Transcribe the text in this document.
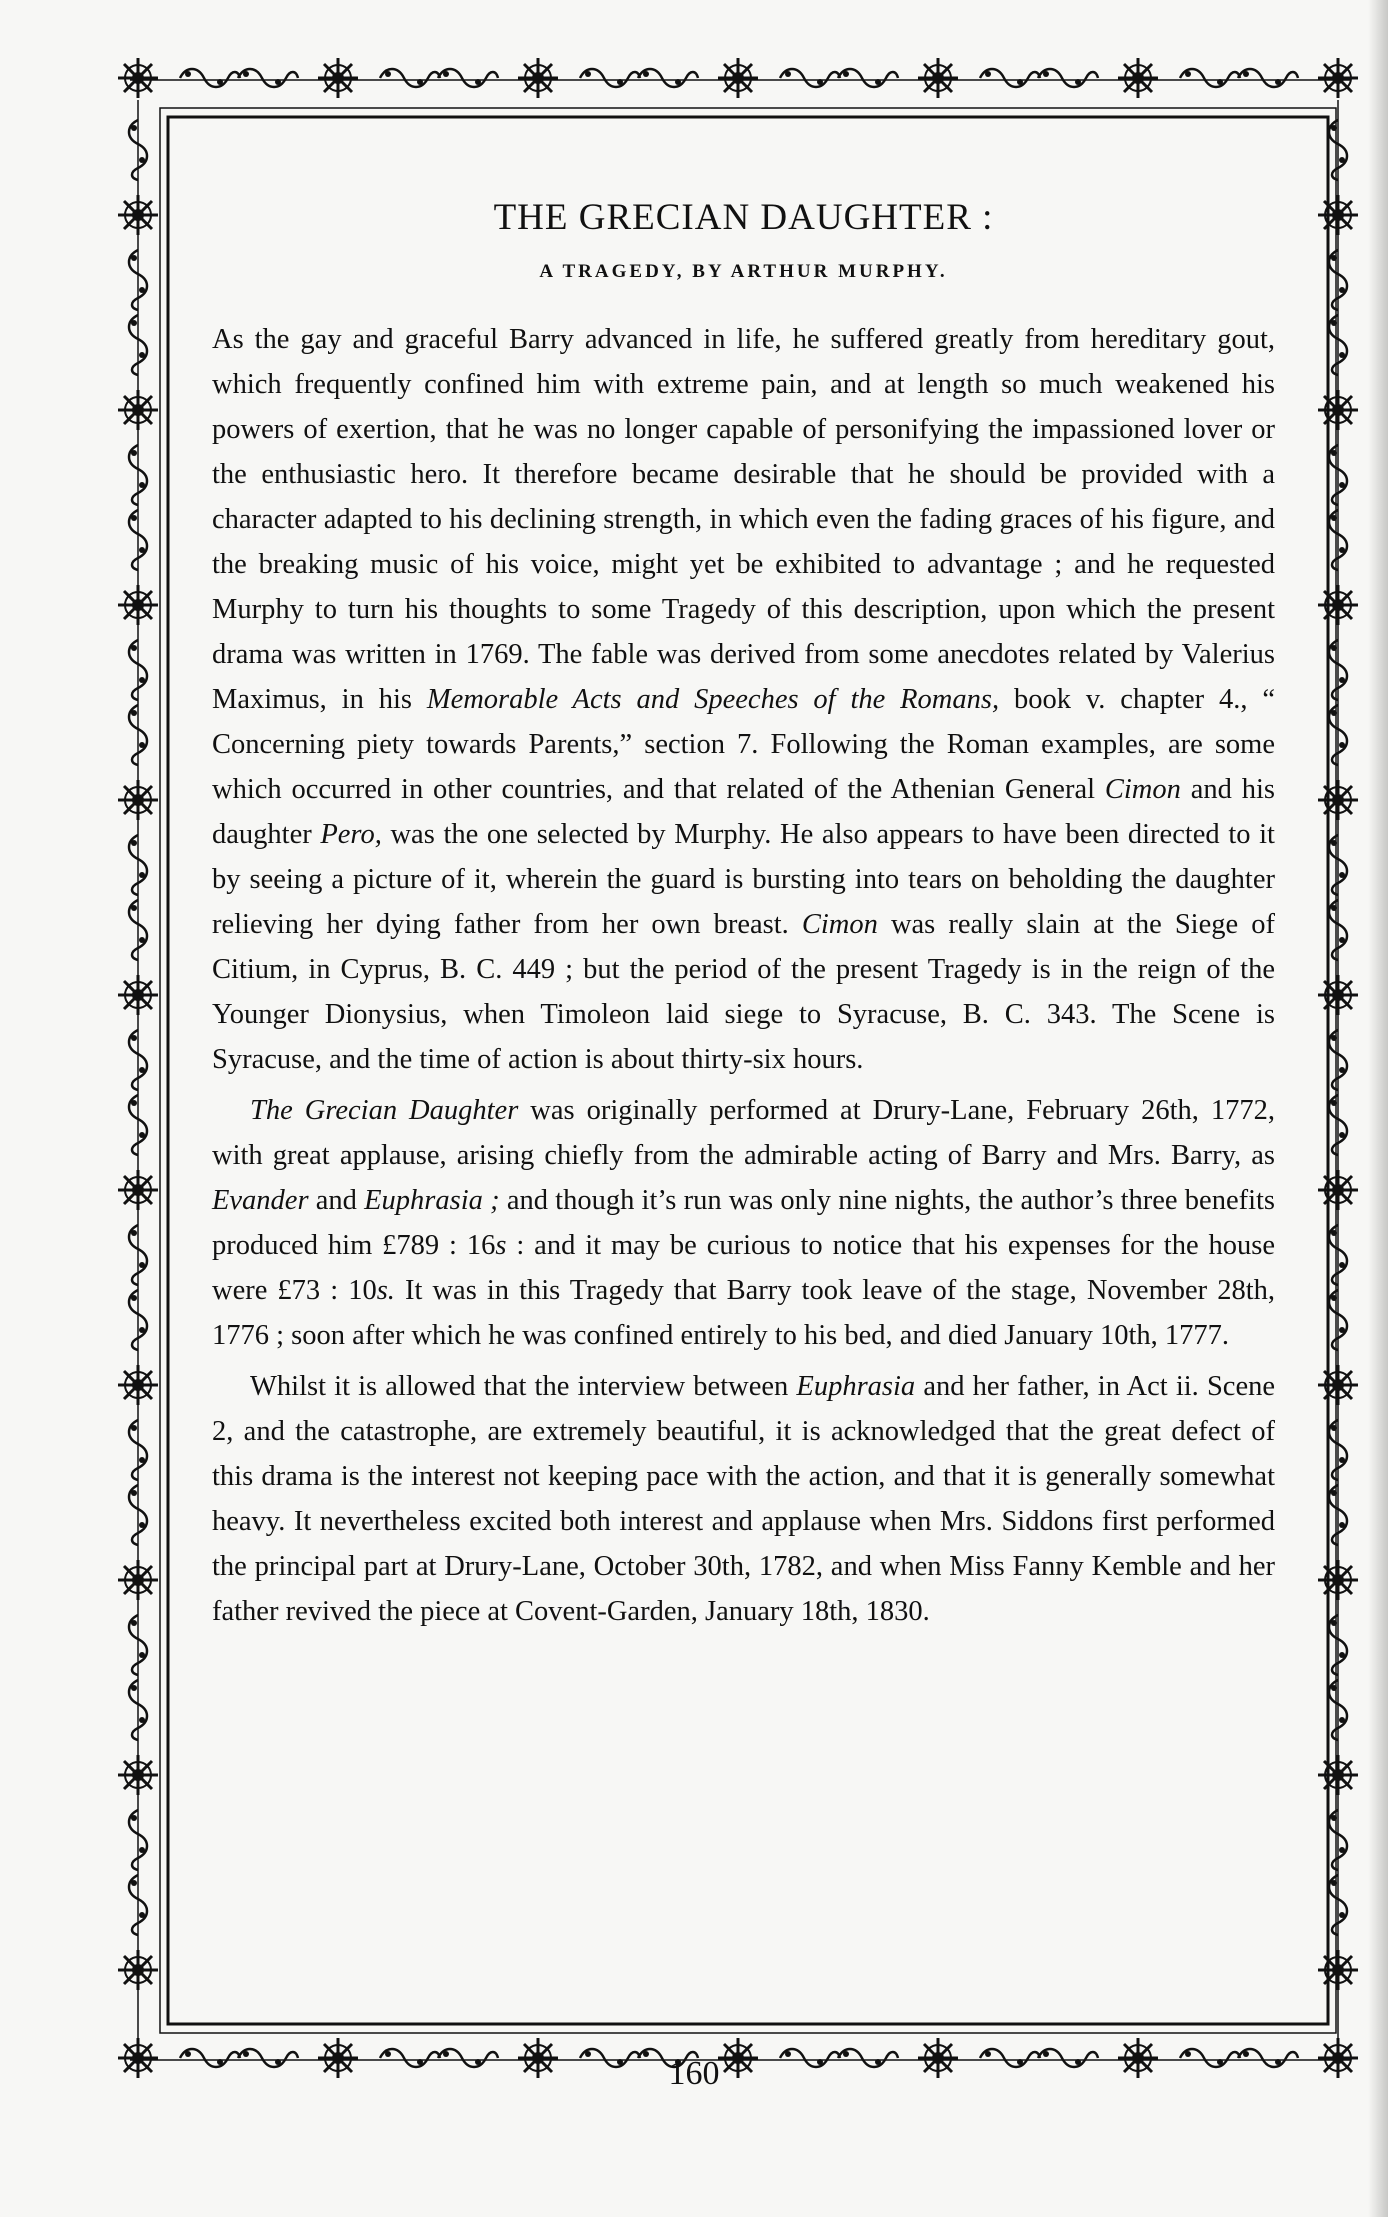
THE GRECIAN DAUGHTER :
A TRAGEDY, BY ARTHUR MURPHY.

As the gay and graceful Barry advanced in life, he suffered greatly from hereditary gout, which frequently confined him with extreme pain, and at length so much weakened his powers of exertion, that he was no longer capable of personifying the impassioned lover or the enthusiastic hero. It therefore became desirable that he should be provided with a character adapted to his declining strength, in which even the fading graces of his figure, and the breaking music of his voice, might yet be exhibited to advantage ; and he requested Murphy to turn his thoughts to some Tragedy of this description, upon which the present drama was written in 1769. The fable was derived from some anecdotes related by Valerius Maximus, in his Memorable Acts and Speeches of the Romans, book v. chapter 4., “ Concerning piety towards Parents,” section 7. Following the Roman examples, are some which occurred in other countries, and that related of the Athenian General Cimon and his daughter Pero, was the one selected by Murphy. He also appears to have been directed to it by seeing a picture of it, wherein the guard is bursting into tears on beholding the daughter relieving her dying father from her own breast. Cimon was really slain at the Siege of Citium, in Cyprus, B. C. 449 ; but the period of the present Tragedy is in the reign of the Younger Dionysius, when Timoleon laid siege to Syracuse, B. C. 343. The Scene is Syracuse, and the time of action is about thirty-six hours.

The Grecian Daughter was originally performed at Drury-Lane, February 26th, 1772, with great applause, arising chiefly from the admirable acting of Barry and Mrs. Barry, as Evander and Euphrasia ; and though it’s run was only nine nights, the author’s three benefits produced him £789 : 16s : and it may be curious to notice that his expenses for the house were £73 : 10s. It was in this Tragedy that Barry took leave of the stage, November 28th, 1776 ; soon after which he was confined entirely to his bed, and died January 10th, 1777.

Whilst it is allowed that the interview between Euphrasia and her father, in Act ii. Scene 2, and the catastrophe, are extremely beautiful, it is acknowledged that the great defect of this drama is the interest not keeping pace with the action, and that it is generally somewhat heavy. It nevertheless excited both interest and applause when Mrs. Siddons first performed the principal part at Drury-Lane, October 30th, 1782, and when Miss Fanny Kemble and her father revived the piece at Covent-Garden, January 18th, 1830.

160
